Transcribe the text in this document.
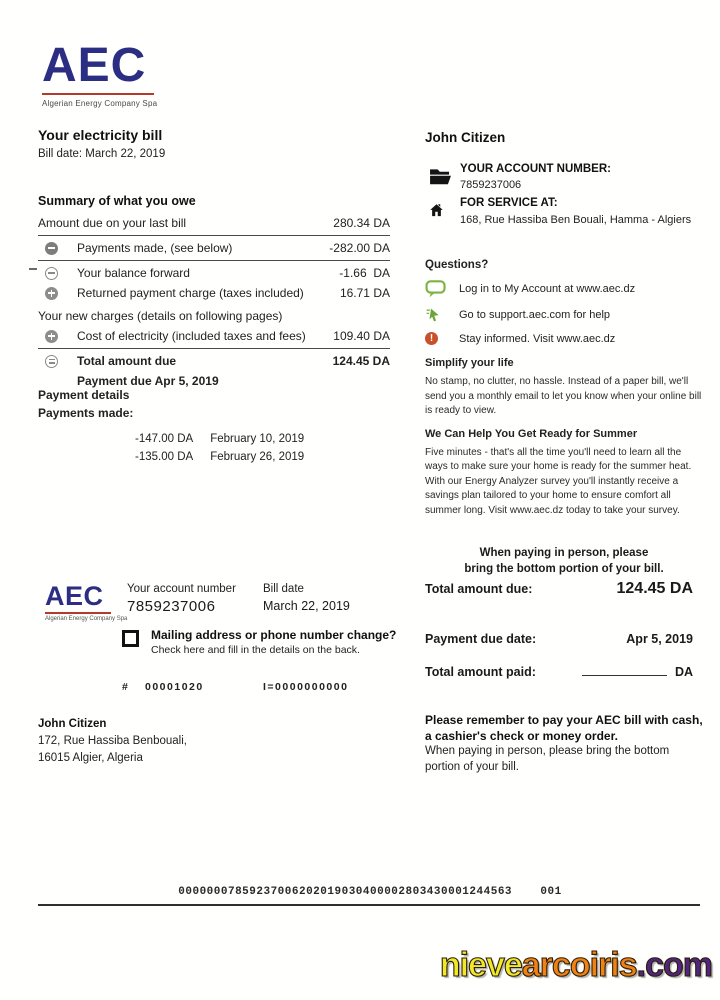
AEC
Algerian Energy Company Spa
Your electricity bill
Bill date: March 22, 2019
Summary of what you owe
Amount due on your last bill	280.34 DA
Payments made, (see below)	-282.00 DA
Your balance forward	-1.66  DA
Returned payment charge (taxes included)	16.71 DA
Your new charges (details on following pages)
Cost of electricity (included taxes and fees)	109.40 DA
Total amount due	124.45 DA
Payment due Apr 5, 2019
Payment details
Payments made:
-147.00 DA February 10, 2019
-135.00 DA February 26, 2019
John Citizen
YOUR ACCOUNT NUMBER:
7859237006
FOR SERVICE AT:
168, Rue Hassiba Ben Bouali, Hamma - Algiers
Questions?
Log in to My Account at www.aec.dz
Go to support.aec.com for help
!	Stay informed. Visit www.aec.dz
Simplify your life
No stamp, no clutter, no hassle. Instead of a paper bill, we'll send you a monthly email to let you know when your online bill is ready to view.
We Can Help You Get Ready for Summer
Five minutes - that's all the time you'll need to learn all the ways to make sure your home is ready for the summer heat. With our Energy Analyzer survey you'll instantly receive a savings plan tailored to your home to ensure comfort all summer long. Visit www.aec.dz today to take your survey.
When paying in person, please
bring the bottom portion of your bill.
Total amount due:	124.45 DA
Payment due date:	Apr 5, 2019
Total amount paid:	DA
AEC
Algerian Energy Company Spa
Your account number
7859237006
Bill date
March 22, 2019
Mailing address or phone number change?
Check here and fill in the details on the back.
# 00001020	I=0000000000
John Citizen
172, Rue Hassiba Benbouali,
16015 Algier, Algeria
Please remember to pay your AEC bill with cash, a cashier's check or money order.
When paying in person, please bring the bottom portion of your bill.
00000007859237006202019030400002803430001244563    001
nievearcoiris.com
